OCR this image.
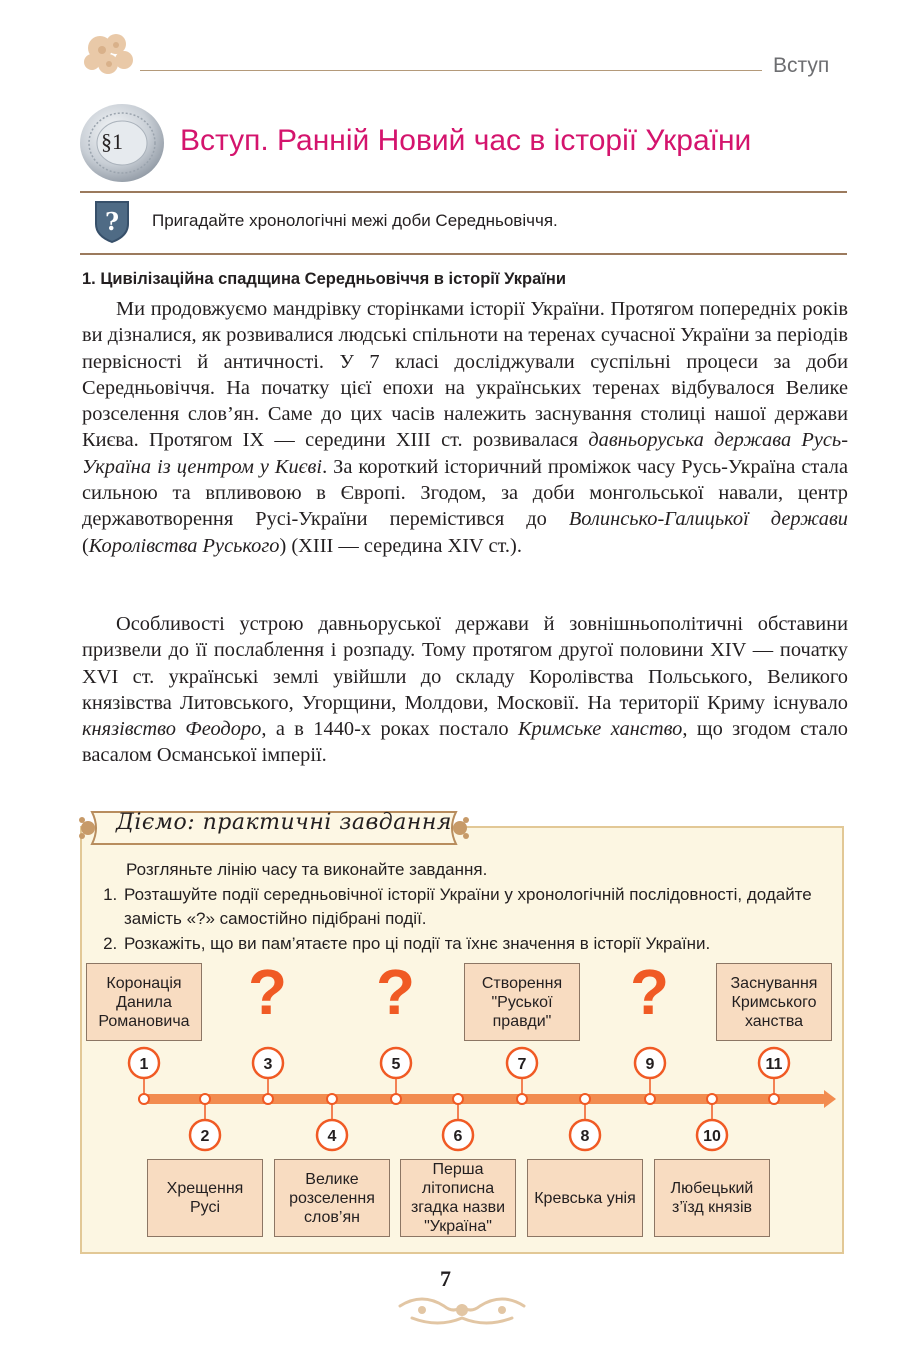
Вступ
§1 Вступ. Ранній Новий час в історії України
? Пригадайте хронологічні межі доби Середньовіччя.
1. Цивілізаційна спадщина Середньовіччя в історії України

Ми продовжуємо мандрівку сторінками історії України. Протягом попередніх років ви дізналися, як розвивалися людські спільноти на теренах сучасної України за періодів первісності й античності. У 7 класі досліджували суспільні процеси за доби Середньовіччя. На початку цієї епохи на українських теренах відбувалося Велике розселення слов’ян. Саме до цих часів належить заснування столиці нашої держави Києва. Протягом IX — середини XIII ст. розвивалася давньоруська держава Русь-Україна із центром у Києві. За короткий історичний проміжок часу Русь-Україна стала сильною та впливовою в Європі. Згодом, за доби монгольської навали, центр державотворення Русі-України перемістився до Волинсько-Галицької держави (Королівства Руського) (XIII — середина XIV ст.).

Особливості устрою давньоруської держави й зовнішньополітичні обставини призвели до її послаблення і розпаду. Тому протягом другої половини XIV — початку XVI ст. українські землі увійшли до складу Королівства Польського, Великого князівства Литовського, Угорщини, Молдови, Московії. На території Криму існувало князівство Феодоро, а в 1440-х роках постало Кримське ханство, що згодом стало васалом Османської імперії.

Діємо: практичні завдання
Розгляньте лінію часу та виконайте завдання.
1. Розташуйте події середньовічної історії України у хронологічній послідовності, додайте замість «?» самостійно підібрані події.
2. Розкажіть, що ви пам’ятаєте про ці події та їхнє значення в історії України.
1	3	5	7	9	11
2	4	6	8	10
Коронація Данила Романовича ? ?	Створення "Руської правди"	?	Заснування Кримського ханства
Хрещення Русі
Велике розселення слов’ян
Перша літописна згадка назви "Україна"
Кревська унія
Любецький з’їзд князів
7
